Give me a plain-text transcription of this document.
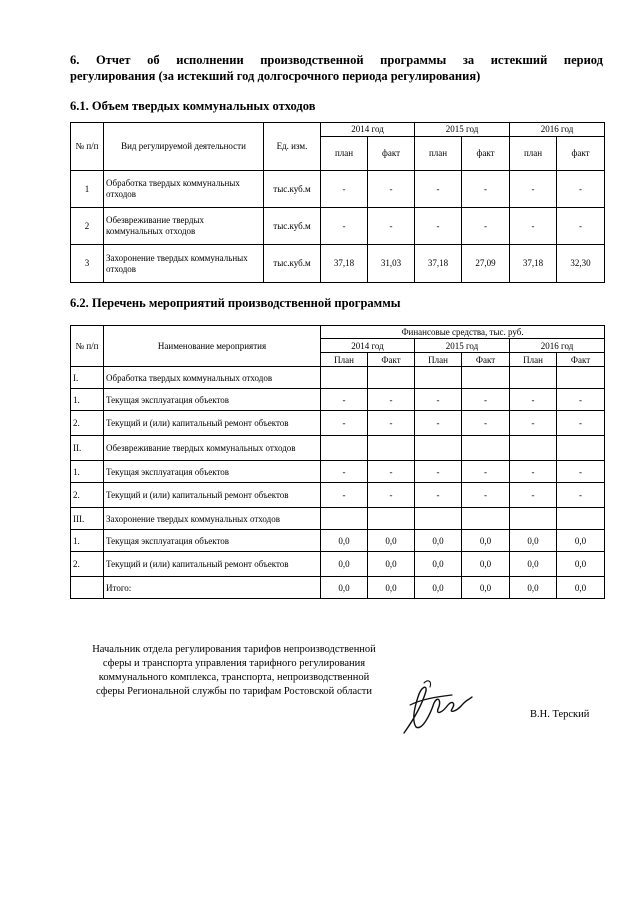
6. Отчет об исполнении производственной программы за истекший период
регулирования (за истекший год долгосрочного периода регулирования)
6.1. Объем твердых коммунальных отходов
№ п/п	Вид регулируемой деятельности	Ед. изм.	2014 год		2015 год		2016 год	
			план	факт	план	факт	план	факт
1	Обработка твердых коммунальных отходов	тыс.куб.м	-	-	-	-	-	-
2	Обезвреживание твердых коммунальных отходов	тыс.куб.м	-	-	-	-	-	-
3	Захоронение твердых коммунальных отходов	тыс.куб.м	37,18	31,03	37,18	27,09	37,18	32,30
6.2. Перечень мероприятий производственной программы
№ п/п	Наименование мероприятия	Финансовые средства, тыс. руб.					
		2014 год		2015 год		2016 год	
		План	Факт	План	Факт	План	Факт
I.	Обработка твердых коммунальных отходов						
1.	Текущая эксплуатация объектов	-	-	-	-	-	-
2.	Текущий и (или) капитальный ремонт объектов	-	-	-	-	-	-
II.	Обезвреживание твердых коммунальных отходов						
1.	Текущая эксплуатация объектов	-	-	-	-	-	-
2.	Текущий и (или) капитальный ремонт объектов	-	-	-	-	-	-
III.	Захоронение твердых коммунальных отходов						
1.	Текущая эксплуатация объектов	0,0	0,0	0,0	0,0	0,0	0,0
2.	Текущий и (или) капитальный ремонт объектов	0,0	0,0	0,0	0,0	0,0	0,0
	Итого:	0,0	0,0	0,0	0,0	0,0	0,0
Начальник отдела регулирования тарифов непроизводственной сферы и транспорта управления тарифного регулирования коммунального комплекса, транспорта, непроизводственной сферы Региональной службы по тарифам Ростовской области
В.Н. Терский
